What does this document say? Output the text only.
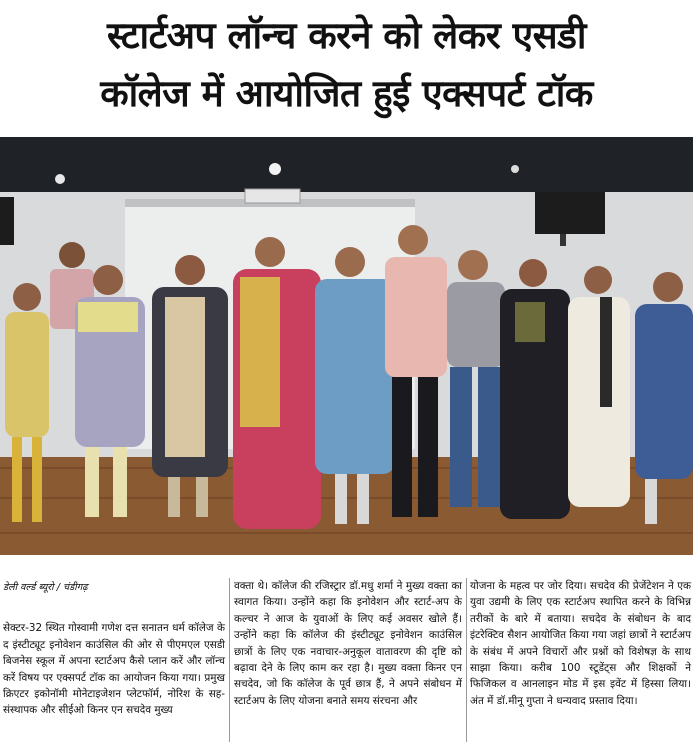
स्टार्टअप लॉन्च करने को लेकर एसडी
कॉलेज में आयोजित हुई एक्सपर्ट टॉक

डेली वर्ल्ड ब्यूरो / चंडीगढ़

सेक्टर-32 स्थित गोस्वामी गणेश दत्त सनातन धर्म कॉलेज के द इंस्टीट्यूट इनोवेशन काउंसिल की ओर से पीएमएल एसडी बिजनेस स्कूल में अपना स्टार्टअप कैसे प्लान करें और लॉन्च करें विषय पर एक्सपर्ट टॉक का आयोजन किया गया। प्रमुख क्रिएटर इकोनॉमी मोनेटाइजेशन प्लेटफॉर्म, नोरिश के सह-संस्थापक और सीईओ किनर एन सचदेव मुख्य

वक्ता थे। कॉलेज की रजिस्ट्रार डॉ.मधु शर्मा ने मुख्य वक्ता का स्वागत किया। उन्होंने कहा कि इनोवेशन और स्टार्ट-अप के कल्चर ने आज के युवाओं के लिए कई अवसर खोले हैं। उन्होंने कहा कि कॉलेज की इंस्टीट्यूट इनोवेशन काउंसिल छात्रों के लिए एक नवाचार-अनुकूल वातावरण की दृष्टि को बढ़ावा देने के लिए काम कर रहा है। मुख्य वक्ता किनर एन सचदेव, जो कि कॉलेज के पूर्व छात्र हैं, ने अपने संबोधन में स्टार्टअप के लिए योजना बनाते समय संरचना और

योजना के महत्व पर जोर दिया। सचदेव की प्रेजेंटेशन ने एक युवा उद्यमी के लिए एक स्टार्टअप स्थापित करने के विभिन्न तरीकों के बारे में बताया। सचदेव के संबोधन के बाद इंटरेक्टिव सैशन आयोजित किया गया जहां छात्रों ने स्टार्टअप के संबंध में अपने विचारों और प्रश्नों को विशेषज्ञ के साथ साझा किया। करीब 100 स्टूडेंट्स और शिक्षकों ने फिजिकल व आनलाइन मोड में इस इवेंट में हिस्सा लिया। अंत में डॉ.मीनू गुप्ता ने धन्यवाद प्रस्ताव दिया।
